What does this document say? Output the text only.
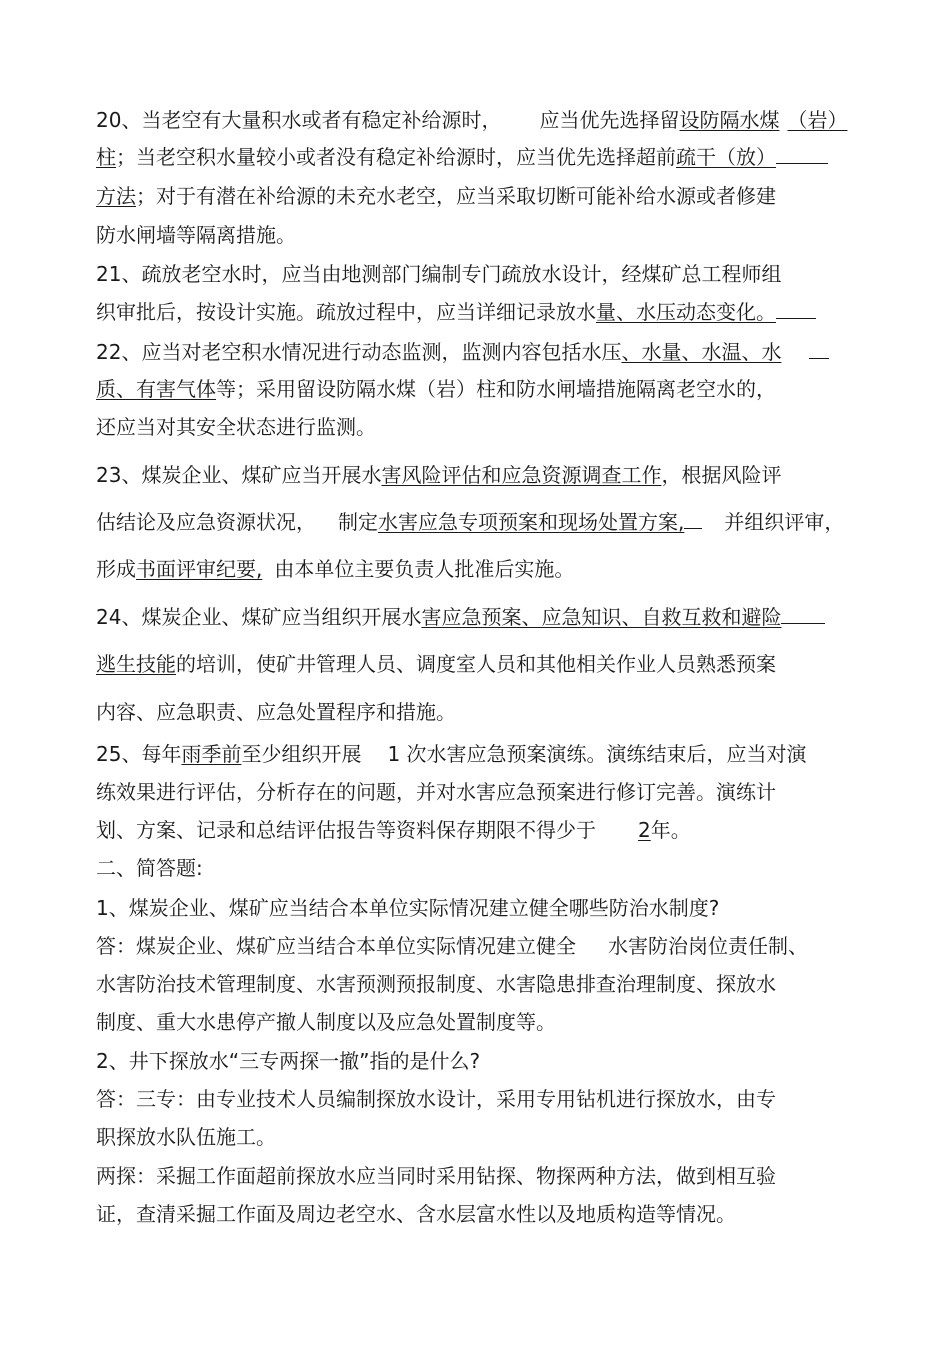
20、当老空有大量积水或者有稳定补给源时， 应当优先选择留设防隔水煤 （岩）

柱；当老空积水量较小或者没有稳定补给源时，应当优先选择超前疏干（放）

方法；对于有潜在补给源的未充水老空，应当采取切断可能补给水源或者修建

防水闸墙等隔离措施。

21、疏放老空水时，应当由地测部门编制专门疏放水设计，经煤矿总工程师组

织审批后，按设计实施。疏放过程中，应当详细记录放水量、水压动态变化。

22、应当对老空积水情况进行动态监测，监测内容包括水压、水量、水温、水

质、有害气体等；采用留设防隔水煤（岩）柱和防水闸墙措施隔离老空水的，

还应当对其安全状态进行监测。

23、煤炭企业、煤矿应当开展水害风险评估和应急资源调查工作，根据风险评

估结论及应急资源状况， 制定水害应急专项预案和现场处置方案, 并组织评审，

形成书面评审纪要, 由本单位主要负责人批准后实施。

24、煤炭企业、煤矿应当组织开展水害应急预案、应急知识、自救互救和避险

逃生技能的培训，使矿井管理人员、调度室人员和其他相关作业人员熟悉预案

内容、应急职责、应急处置程序和措施。

25、每年雨季前至少组织开展 1 次水害应急预案演练。演练结束后，应当对演

练效果进行评估，分析存在的问题，并对水害应急预案进行修订完善。演练计

划、方案、记录和总结评估报告等资料保存期限不得少于 2年。

二、简答题:

1、煤炭企业、煤矿应当结合本单位实际情况建立健全哪些防治水制度?

答：煤炭企业、煤矿应当结合本单位实际情况建立健全 水害防治岗位责任制、

水害防治技术管理制度、水害预测预报制度、水害隐患排查治理制度、探放水

制度、重大水患停产撤人制度以及应急处置制度等。

2、井下探放水“三专两探一撤”指的是什么?

答：三专：由专业技术人员编制探放水设计，采用专用钻机进行探放水，由专

职探放水队伍施工。

两探：采掘工作面超前探放水应当同时采用钻探、物探两种方法，做到相互验

证，查清采掘工作面及周边老空水、含水层富水性以及地质构造等情况。
